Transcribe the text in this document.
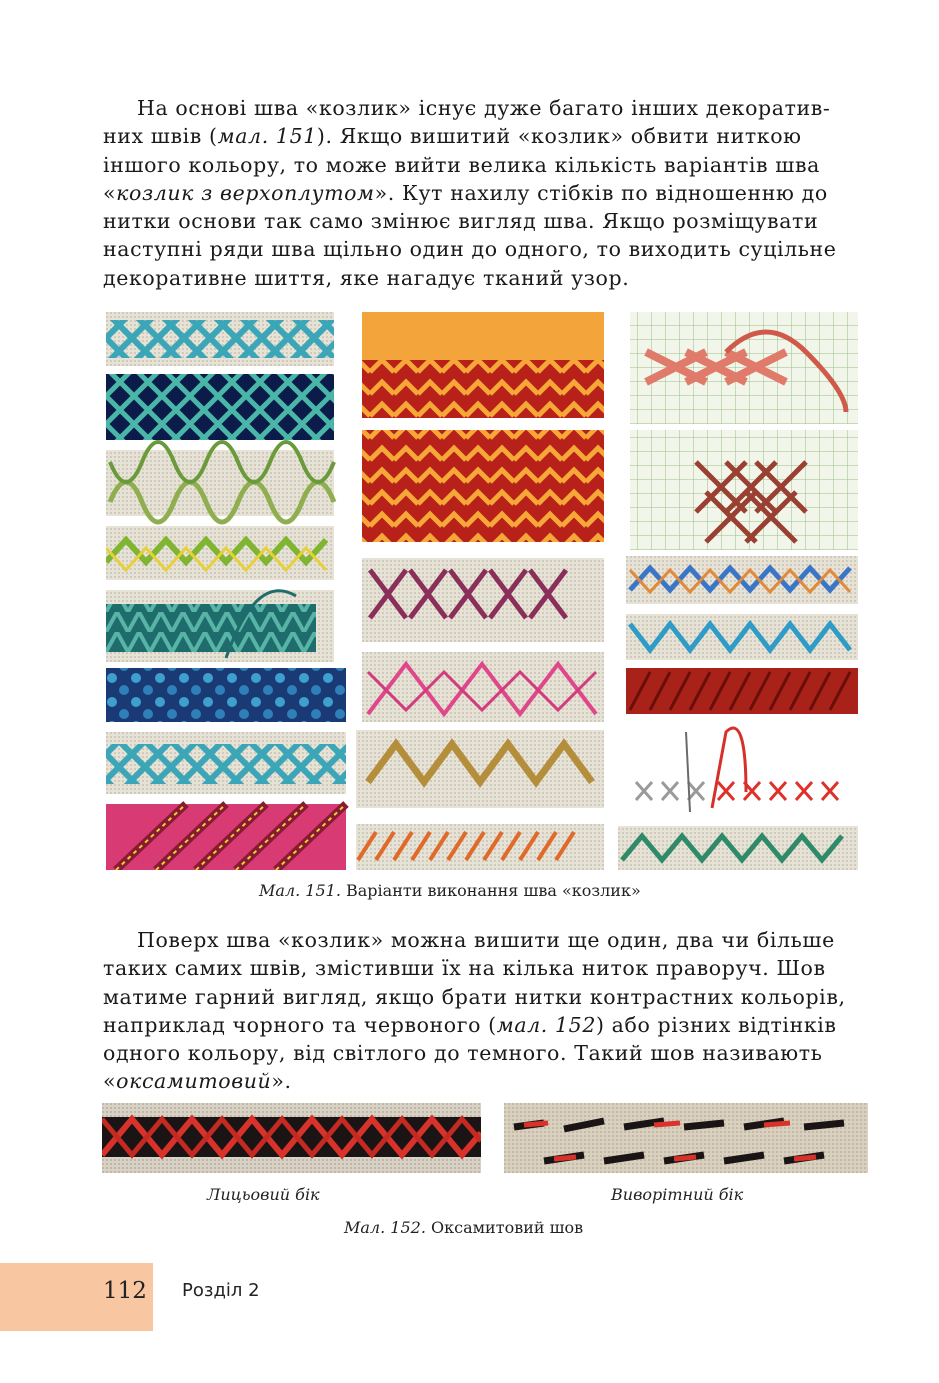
На основі шва «козлик» існує дуже багато інших декоратив-
них швів (мал. 151). Якщо вишитий «козлик» обвити ниткою
іншого кольору, то може вийти велика кількість варіантів шва
«козлик з верхоплутом». Кут нахилу стібків по відношенню до
нитки основи так само змінює вигляд шва. Якщо розміщувати
наступні ряди шва щільно один до одного, то виходить суцільне
декоративне шиття, яке нагадує тканий узор.
Мал. 151. Варіанти виконання шва «козлик»
Поверх шва «козлик» можна вишити ще один, два чи більше
таких самих швів, змістивши їх на кілька ниток праворуч. Шов
матиме гарний вигляд, якщо брати нитки контрастних кольорів,
наприклад чорного та червоного (мал. 152) або різних відтінків
одного кольору, від світлого до темного. Такий шов називають
«оксамитовий».
Лицьовий бік	Виворітний бік
Мал. 152. Оксамитовий шов
112 Розділ 2
